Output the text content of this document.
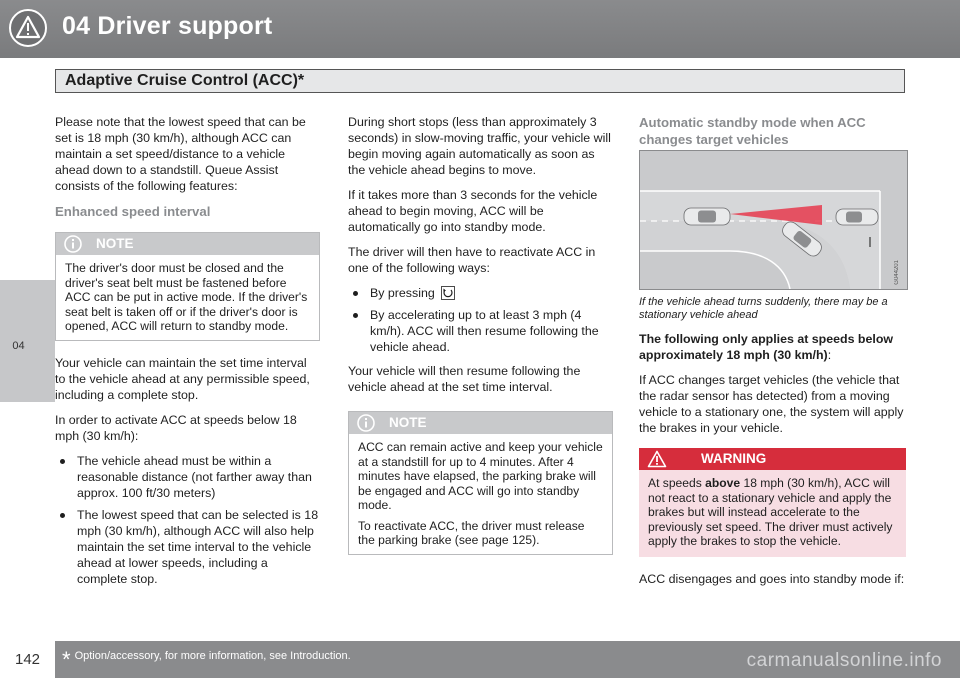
04 Driver support
04
Adaptive Cruise Control (ACC)*

Please note that the lowest speed that can be set is 18 mph (30 km/h), although ACC can maintain a set speed/distance to a vehicle ahead down to a standstill. Queue Assist consists of the following features:

Enhanced speed interval
NOTE

The driver's door must be closed and the driver's seat belt must be fastened before ACC can be put in active mode. If the driver's seat belt is taken off or if the driver's door is opened, ACC will return to standby mode.

Your vehicle can maintain the set time interval to the vehicle ahead at any permissible speed, including a complete stop.

In order to activate ACC at speeds below 18 mph (30 km/h):

The vehicle ahead must be within a reasonable distance (not farther away than approx. 100 ft/30 meters)
The lowest speed that can be selected is 18 mph (30 km/h), although ACC will also help maintain the set time interval to the vehicle ahead at lower speeds, including a complete stop.

During short stops (less than approximately 3 seconds) in slow-moving traffic, your vehicle will begin moving again automatically as soon as the vehicle ahead begins to move.

If it takes more than 3 seconds for the vehicle ahead to begin moving, ACC will be automatically go into standby mode.

The driver will then have to reactivate ACC in one of the following ways:

By pressing
By accelerating up to at least 3 mph (4 km/h). ACC will then resume following the vehicle ahead.

Your vehicle will then resume following the vehicle ahead at the set time interval.

NOTE

ACC can remain active and keep your vehicle at a standstill for up to 4 minutes. After 4 minutes have elapsed, the parking brake will be engaged and ACC will go into standby mode.

To reactivate ACC, the driver must release the parking brake (see page 125).

Automatic standby mode when ACC changes target vehicles
G044201
If the vehicle ahead turns suddenly, there may be a stationary vehicle ahead

The following only applies at speeds below approximately 18 mph (30 km/h):

If ACC changes target vehicles (the vehicle that the radar sensor has detected) from a moving vehicle to a stationary one, the system will apply the brakes in your vehicle.

WARNING
At speeds above 18 mph (30 km/h), ACC will not react to a stationary vehicle and apply the brakes but will instead accelerate to the previously set speed. The driver must actively apply the brakes to stop the vehicle.

ACC disengages and goes into standby mode if:

142 * Option/accessory, for more information, see Introduction.	carmanualsonline.info
